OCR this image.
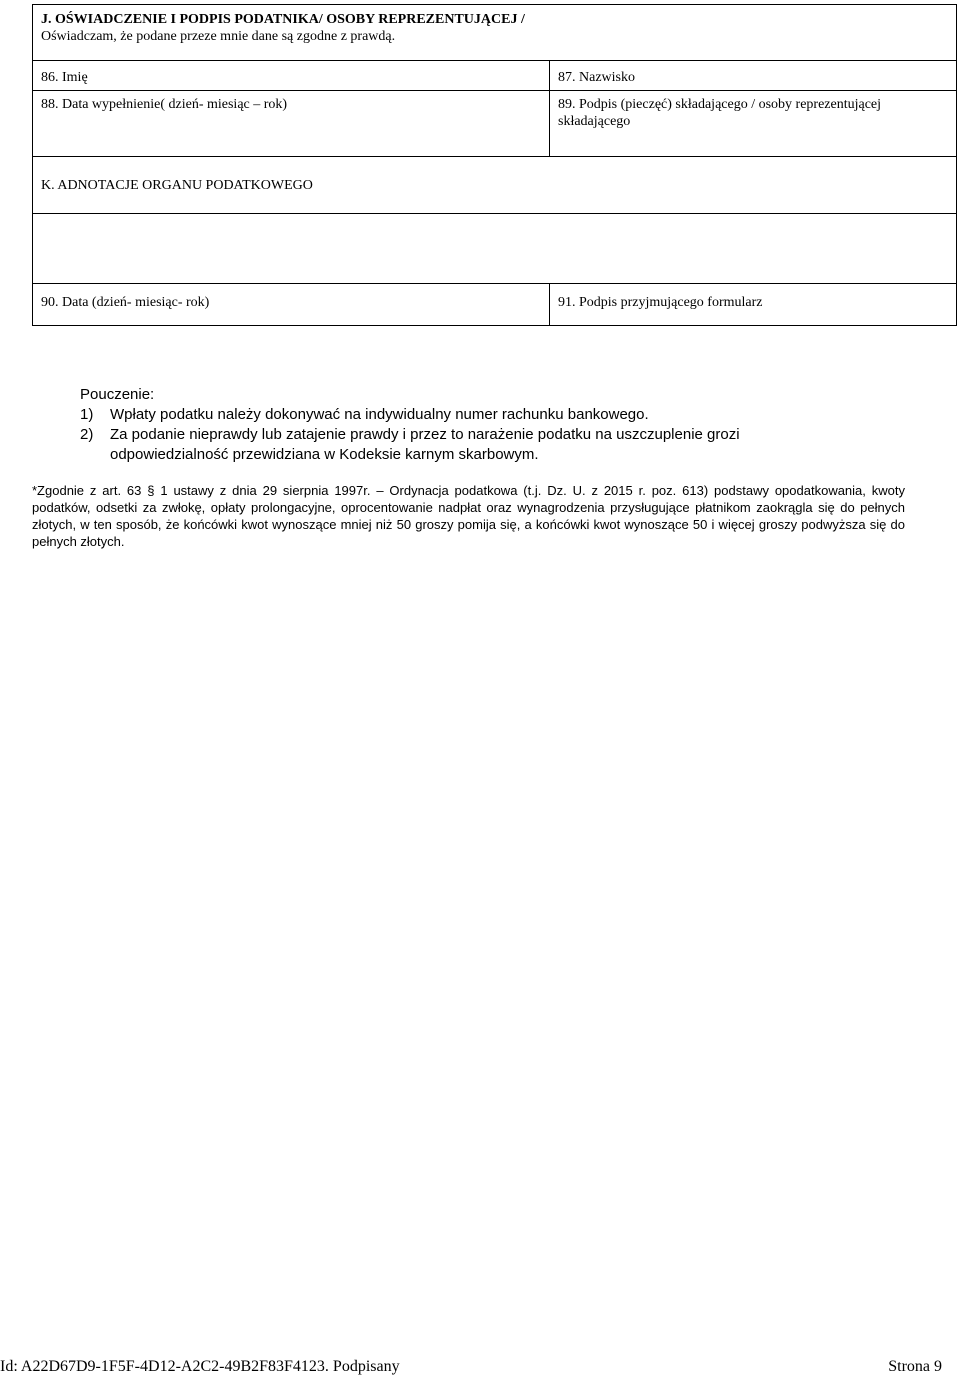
J. OŚWIADCZENIE I PODPIS PODATNIKA/ OSOBY REPREZENTUJĄCEJ /
Oświadczam, że podane przeze mnie dane są zgodne z prawdą.	
86. Imię	87. Nazwisko
88. Data wypełnienie( dzień- miesiąc – rok)	89. Podpis (pieczęć) składającego / osoby reprezentującej składającego
K. ADNOTACJE ORGANU PODATKOWEGO	

90. Data (dzień- miesiąc- rok)	91. Podpis przyjmującego formularz

Pouczenie:

1)	Wpłaty podatku należy dokonywać na indywidualny numer rachunku bankowego.
2)	Za podanie nieprawdy lub zatajenie prawdy i przez to narażenie podatku na uszczuplenie grozi

odpowiedzialność przewidziana w Kodeksie karnym skarbowym.

*Zgodnie z art. 63 § 1 ustawy z dnia 29 sierpnia 1997r. – Ordynacja podatkowa (t.j. Dz. U. z 2015 r. poz. 613) podstawy opodatkowania, kwoty podatków, odsetki za zwłokę, opłaty prolongacyjne, oprocentowanie nadpłat oraz wynagrodzenia przysługujące płatnikom zaokrągla się do pełnych złotych, w ten sposób, że końcówki kwot wynoszące mniej niż 50 groszy pomija się, a końcówki kwot wynoszące 50 i więcej groszy podwyższa się do pełnych złotych.

Id: A22D67D9-1F5F-4D12-A2C2-49B2F83F4123. Podpisany	Strona 9
